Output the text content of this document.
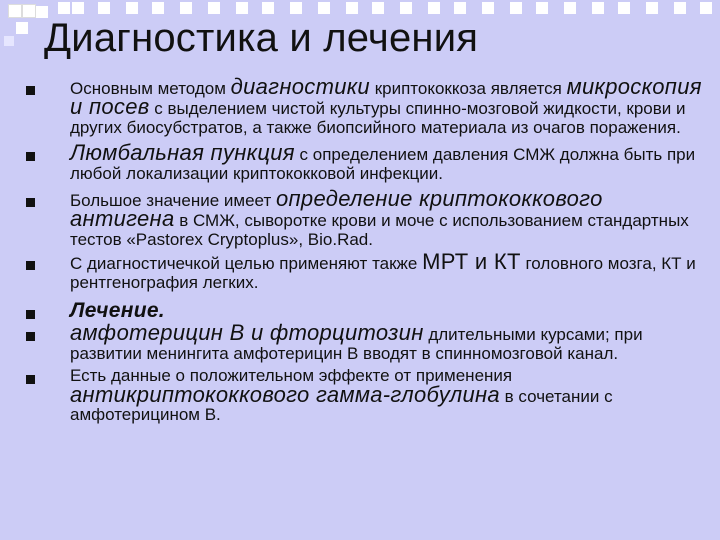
Диагностика и лечения
Основным методом диагностики криптококкоза является микроскопия и посев с выделением чистой культуры спинно-мозговой жидкости, крови и других биосубстратов, а также биопсийного материала из очагов поражения.
Люмбальная пункция с определением давления СМЖ должна быть при любой локализации криптококковой инфекции.
Большое значение имеет определение криптококкового антигена в СМЖ, сыворотке крови и моче с использованием стандартных тестов «Pastorex Cryptoplus», Bio.Rad.
С диагностичечкой целью применяют также МРТ и КТ головного мозга, КТ и рентгенография легких.
Лечение.
амфотерицин В и фторцитозин длительными курсами; при развитии менингита амфотерицин В вводят в спинномозговой канал.
Есть данные о положительном эффекте от применения антикриптококкового гамма-глобулина в сочетании с амфотерицином В.
